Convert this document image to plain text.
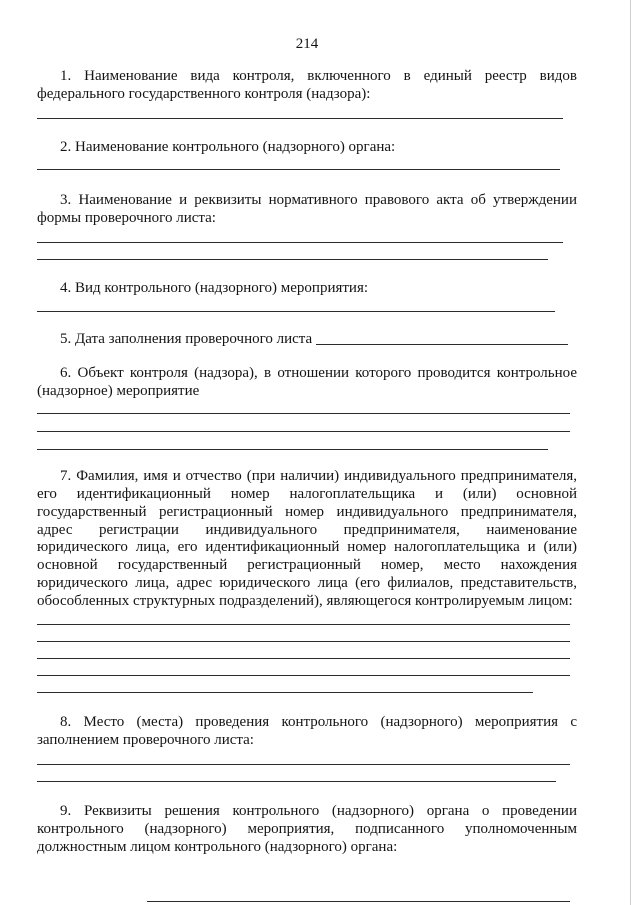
214

1. Наименование вида контроля, включенного в единый реестр видов

федерального государственного контроля (надзора):

2. Наименование контрольного (надзорного) органа:

3. Наименование и реквизиты нормативного правового акта об утверждении

формы проверочного листа:

4. Вид контрольного (надзорного) мероприятия:

5. Дата заполнения проверочного листа

6. Объект контроля (надзора), в отношении которого проводится контрольное

(надзорное) мероприятие

7. Фамилия, имя и отчество (при наличии) индивидуального предпринимателя,

его идентификационный номер налогоплательщика и (или) основной

государственный регистрационный номер индивидуального предпринимателя,

адрес регистрации индивидуального предпринимателя, наименование

юридического лица, его идентификационный номер налогоплательщика и (или)

основной государственный регистрационный номер, место нахождения

юридического лица, адрес юридического лица (его филиалов, представительств,

обособленных структурных подразделений), являющегося контролируемым лицом:

8. Место (места) проведения контрольного (надзорного) мероприятия с

заполнением проверочного листа:

9. Реквизиты решения контрольного (надзорного) органа о проведении

контрольного (надзорного) мероприятия, подписанного уполномоченным

должностным лицом контрольного (надзорного) органа:
